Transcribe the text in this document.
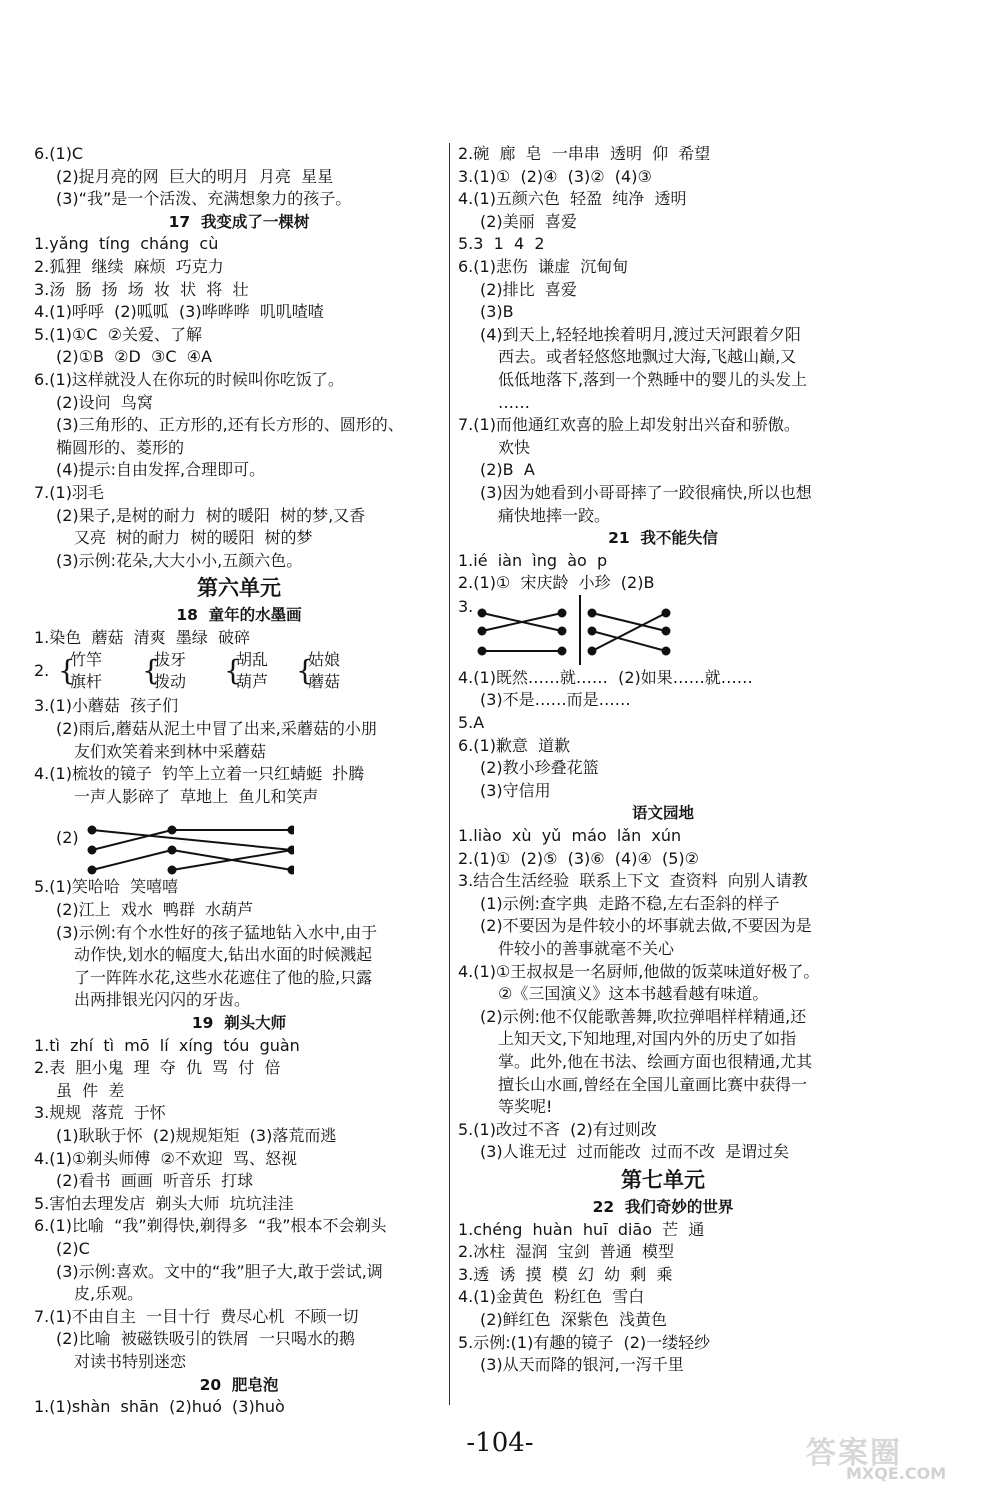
6.(1)C
(2)捉月亮的网  巨大的明月  月亮  星星
(3)“我”是一个活泼、充满想象力的孩子。
17  我变成了一棵树
1.yǎng  tíng  cháng  cù
2.狐狸  继续  麻烦  巧克力
3.汤  肠  扬  场  妆  状  将  壮
4.(1)呼呼  (2)呱呱  (3)哗哗哗  叽叽喳喳
5.(1)①C  ②关爱、了解
(2)①B  ②D  ③C  ④A
6.(1)这样就没人在你玩的时候叫你吃饭了。
(2)设问  鸟窝
(3)三角形的、正方形的,还有长方形的、圆形的、
椭圆形的、菱形的
(4)提示:自由发挥,合理即可。
7.(1)羽毛
(2)果子,是树的耐力  树的暖阳  树的梦,又香
又亮  树的耐力  树的暖阳  树的梦
(3)示例:花朵,大大小小,五颜六色。
第六单元
18  童年的水墨画
1.染色  蘑菇  清爽  墨绿  破碎
2. {
竹竿
旗杆 {
拔牙
拨动 {
胡乱
葫芦 {
姑娘
蘑菇
3.(1)小蘑菇  孩子们
(2)雨后,蘑菇从泥土中冒了出来,采蘑菇的小朋
友们欢笑着来到林中采蘑菇
4.(1)梳妆的镜子  钓竿上立着一只红蜻蜓  扑腾
一声人影碎了  草地上  鱼儿和笑声
(2)
5.(1)笑哈哈  笑嘻嘻
(2)江上  戏水  鸭群  水葫芦
(3)示例:有个水性好的孩子猛地钻入水中,由于
动作快,划水的幅度大,钻出水面的时候溅起
了一阵阵水花,这些水花遮住了他的脸,只露
出两排银光闪闪的牙齿。
19  剃头大师
1.tì  zhí  tì  mō  lí  xíng  tóu  guàn
2.表  胆小鬼  理  夺  仇  骂  付  倍
虽  件  差
3.规规  落荒  于怀
(1)耿耿于怀  (2)规规矩矩  (3)落荒而逃
4.(1)①剃头师傅  ②不欢迎  骂、怒视
(2)看书  画画  听音乐  打球
5.害怕去理发店  剃头大师  坑坑洼洼
6.(1)比喻  “我”剃得快,剃得多  “我”根本不会剃头
(2)C
(3)示例:喜欢。文中的“我”胆子大,敢于尝试,调
皮,乐观。
7.(1)不由自主  一目十行  费尽心机  不顾一切
(2)比喻  被磁铁吸引的铁屑  一只喝水的鹅
对读书特别迷恋
20  肥皂泡
1.(1)shàn  shān  (2)huó  (3)huò
2.碗  廊  皂  一串串  透明  仰  希望
3.(1)①  (2)④  (3)②  (4)③
4.(1)五颜六色  轻盈  纯净  透明
(2)美丽  喜爱
5.3  1  4  2
6.(1)悲伤  谦虚  沉甸甸
(2)排比  喜爱
(3)B
(4)到天上,轻轻地挨着明月,渡过天河跟着夕阳
西去。或者轻悠悠地飘过大海,飞越山巅,又
低低地落下,落到一个熟睡中的婴儿的头发上
……
7.(1)而他通红欢喜的脸上却发射出兴奋和骄傲。
欢快
(2)B  A
(3)因为她看到小哥哥摔了一跤很痛快,所以也想
痛快地摔一跤。
21  我不能失信
1.ié  iàn  ìng  ào  p
2.(1)①  宋庆龄  小珍  (2)B
3.
4.(1)既然……就……  (2)如果……就……
(3)不是……而是……
5.A
6.(1)歉意  道歉
(2)教小珍叠花篮
(3)守信用
语文园地
1.liào  xù  yǔ  máo  lǎn  xún
2.(1)①  (2)⑤  (3)⑥  (4)④  (5)②
3.结合生活经验  联系上下文  查资料  向别人请教
(1)示例:查字典  走路不稳,左右歪斜的样子
(2)不要因为是件较小的坏事就去做,不要因为是
件较小的善事就毫不关心
4.(1)①王叔叔是一名厨师,他做的饭菜味道好极了。
②《三国演义》这本书越看越有味道。
(2)示例:他不仅能歌善舞,吹拉弹唱样样精通,还
上知天文,下知地理,对国内外的历史了如指
掌。此外,他在书法、绘画方面也很精通,尤其
擅长山水画,曾经在全国儿童画比赛中获得一
等奖呢!
5.(1)改过不吝  (2)有过则改
(3)人谁无过  过而能改  过而不改  是谓过矣
第七单元
22  我们奇妙的世界
1.chéng  huàn  huī  diāo  芒  通
2.冰柱  湿润  宝剑  普通  模型
3.透  诱  摸  模  幻  幼  剩  乘
4.(1)金黄色  粉红色  雪白
(2)鲜红色  深紫色  浅黄色
5.示例:(1)有趣的镜子  (2)一缕轻纱
(3)从天而降的银河,一泻千里
-104-	答案圈
MXQE.COM
